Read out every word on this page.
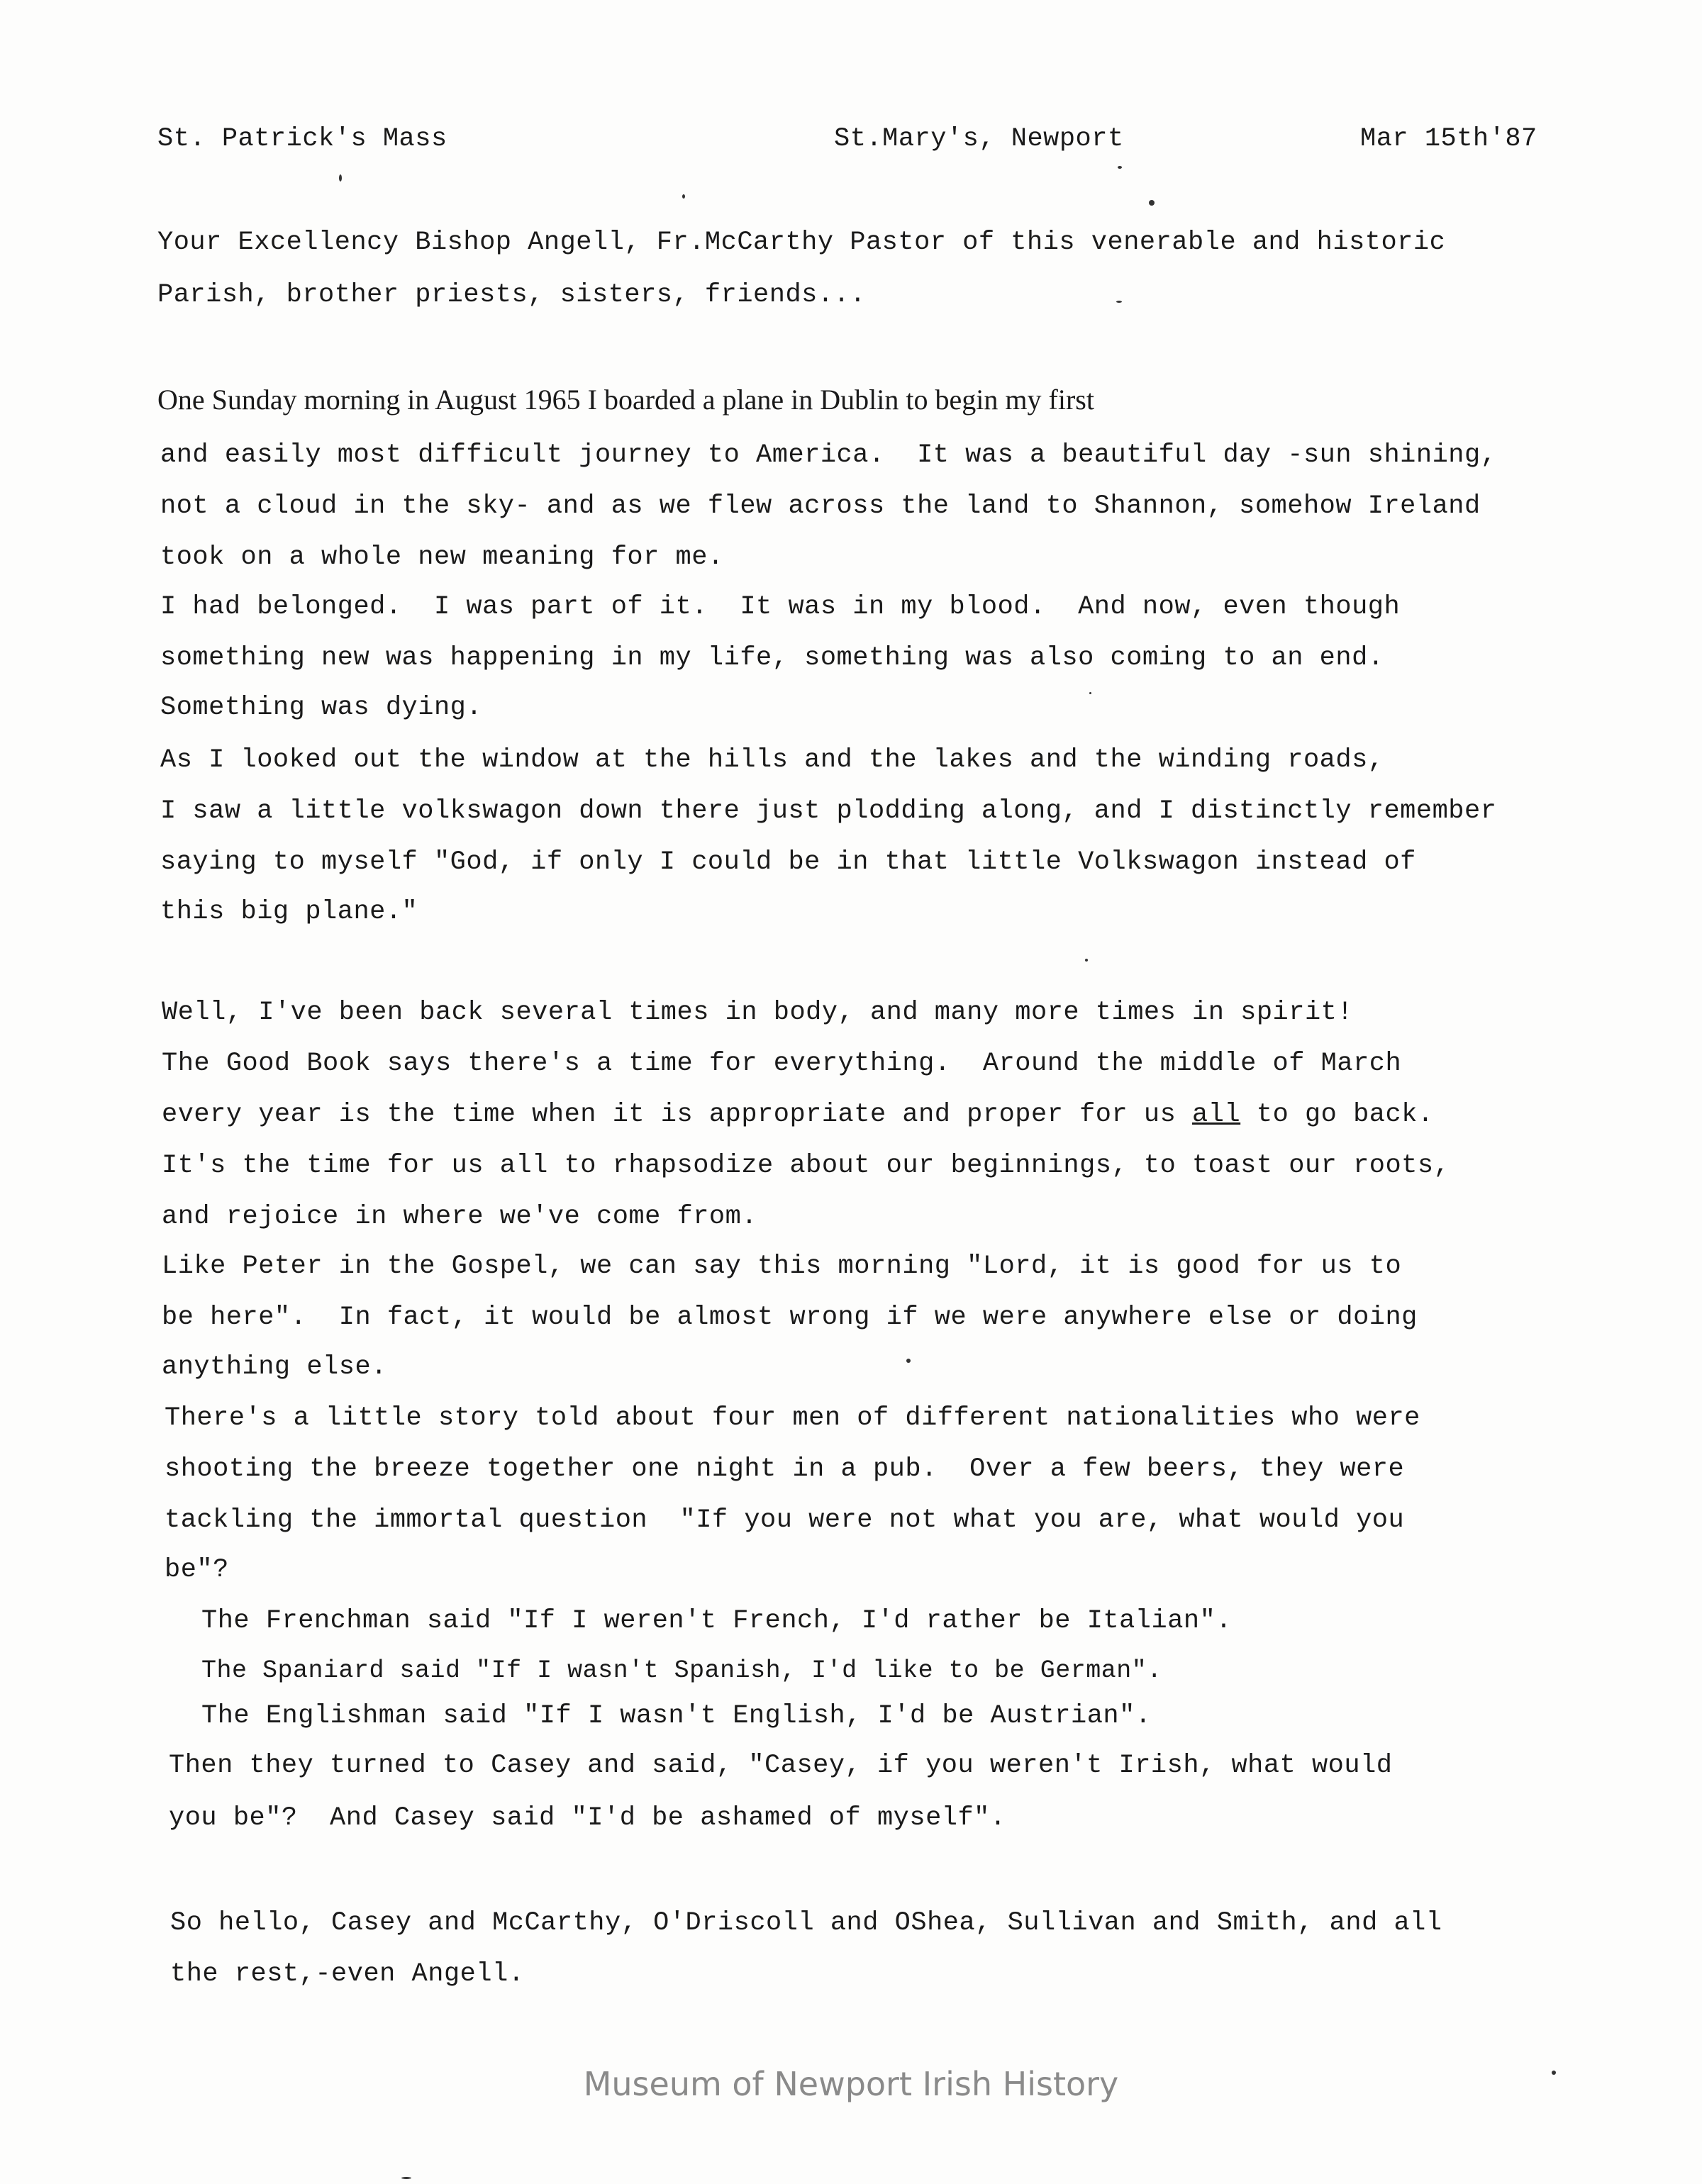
St. Patrick's Mass	St.Mary's, Newport	Mar 15th'87
Your Excellency Bishop Angell, Fr.McCarthy Pastor of this venerable and historic
Parish, brother priests, sisters, friends...
One Sunday morning in August 1965 I boarded a plane in Dublin to begin my first
and easily most difficult journey to America.  It was a beautiful day -sun shining,
not a cloud in the sky- and as we flew across the land to Shannon, somehow Ireland
took on a whole new meaning for me.
I had belonged.  I was part of it.  It was in my blood.  And now, even though
something new was happening in my life, something was also coming to an end.
Something was dying.
As I looked out the window at the hills and the lakes and the winding roads,
I saw a little volkswagon down there just plodding along, and I distinctly remember
saying to myself "God, if only I could be in that little Volkswagon instead of
this big plane."
Well, I've been back several times in body, and many more times in spirit!
The Good Book says there's a time for everything.  Around the middle of March
every year is the time when it is appropriate and proper for us all to go back.
It's the time for us all to rhapsodize about our beginnings, to toast our roots,
and rejoice in where we've come from.
Like Peter in the Gospel, we can say this morning "Lord, it is good for us to
be here".  In fact, it would be almost wrong if we were anywhere else or doing
anything else.
There's a little story told about four men of different nationalities who were
shooting the breeze together one night in a pub.  Over a few beers, they were
tackling the immortal question  "If you were not what you are, what would you
be"?
The Frenchman said "If I weren't French, I'd rather be Italian".
The Spaniard said "If I wasn't Spanish, I'd like to be German".
The Englishman said "If I wasn't English, I'd be Austrian".
Then they turned to Casey and said, "Casey, if you weren't Irish, what would
you be"?  And Casey said "I'd be ashamed of myself".
So hello, Casey and McCarthy, O'Driscoll and OShea, Sullivan and Smith, and all
the rest,-even Angell.
Museum of Newport Irish History
